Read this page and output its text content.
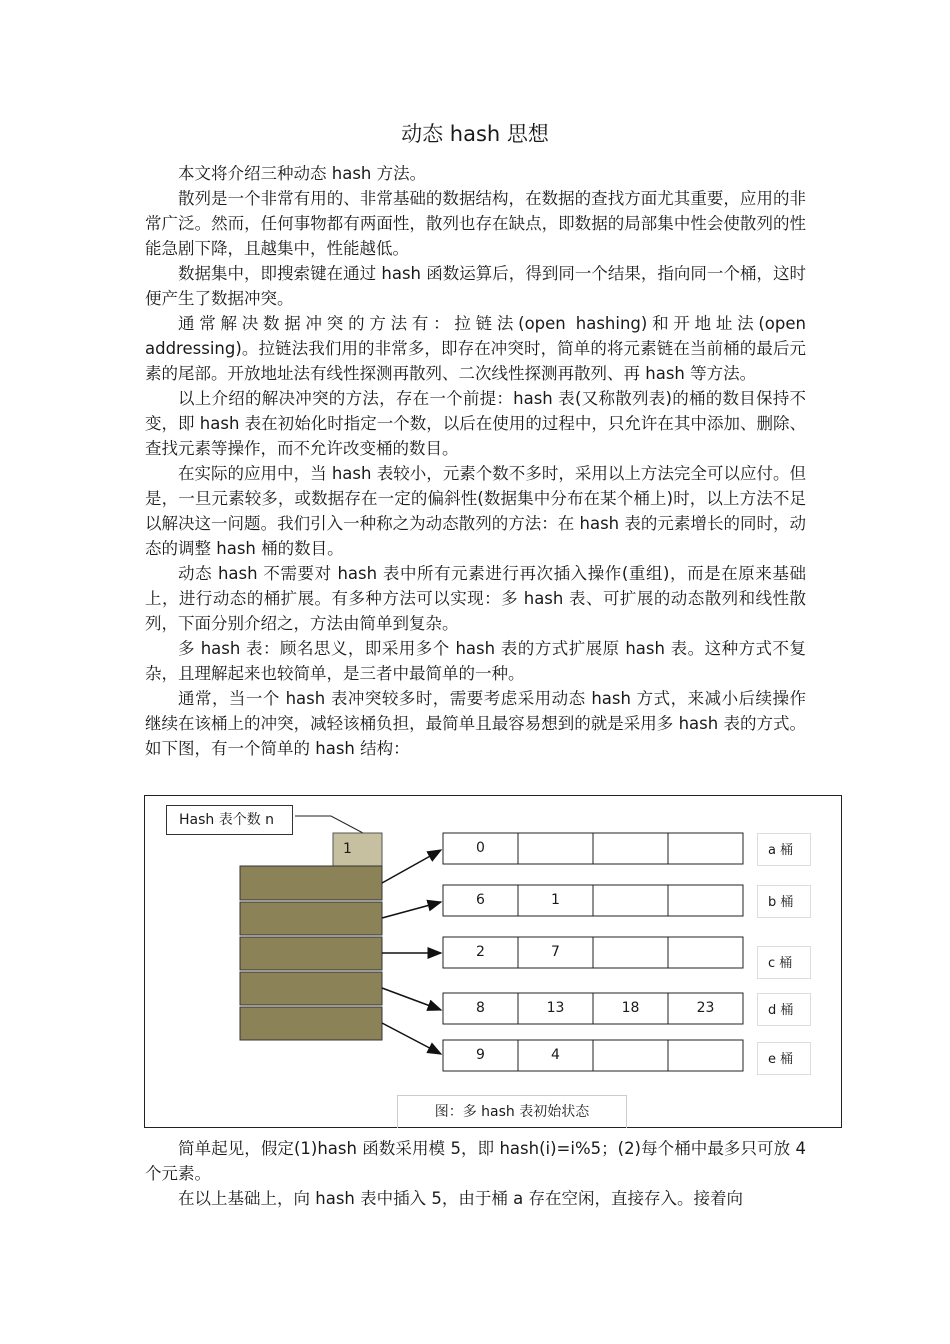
动态 hash 思想

本文将介绍三种动态 hash 方法。

散列是一个非常有用的、非常基础的数据结构，在数据的查找方面尤其重要，应用的非常广泛。然而，任何事物都有两面性，散列也存在缺点，即数据的局部集中性会使散列的性能急剧下降，且越集中，性能越低。

数据集中，即搜索键在通过 hash 函数运算后，得到同一个结果，指向同一个桶，这时便产生了数据冲突。

通常解决数据冲突的方法有：拉链法(open hashing)和开地址法(open addressing)。拉链法我们用的非常多，即存在冲突时，简单的将元素链在当前桶的最后元素的尾部。开放地址法有线性探测再散列、二次线性探测再散列、再 hash 等方法。

以上介绍的解决冲突的方法，存在一个前提：hash 表(又称散列表)的桶的数目保持不变，即 hash 表在初始化时指定一个数，以后在使用的过程中，只允许在其中添加、删除、查找元素等操作，而不允许改变桶的数目。

在实际的应用中，当 hash 表较小，元素个数不多时，采用以上方法完全可以应付。但是，一旦元素较多，或数据存在一定的偏斜性(数据集中分布在某个桶上)时，以上方法不足以解决这一问题。我们引入一种称之为动态散列的方法：在 hash 表的元素增长的同时，动态的调整 hash 桶的数目。

动态 hash 不需要对 hash 表中所有元素进行再次插入操作(重组)，而是在原来基础上，进行动态的桶扩展。有多种方法可以实现：多 hash 表、可扩展的动态散列和线性散列，下面分别介绍之，方法由简单到复杂。

多 hash 表：顾名思义，即采用多个 hash 表的方式扩展原 hash 表。这种方式不复杂，且理解起来也较简单，是三者中最简单的一种。

通常，当一个 hash 表冲突较多时，需要考虑采用动态 hash 方式，来减小后续操作继续在该桶上的冲突，减轻该桶负担，最简单且最容易想到的就是采用多 hash 表的方式。如下图，有一个简单的 hash 结构：

Hash 表个数 n
1	0
6	1
2	7
8	13	18	23
9	4
a 桶
b 桶
c 桶
d 桶
e 桶
图：多 hash 表初始状态

简单起见，假定(1)hash 函数采用模 5，即 hash(i)=i%5；(2)每个桶中最多只可放 4 个元素。

在以上基础上，向 hash 表中插入 5，由于桶 a 存在空闲，直接存入。接着向
